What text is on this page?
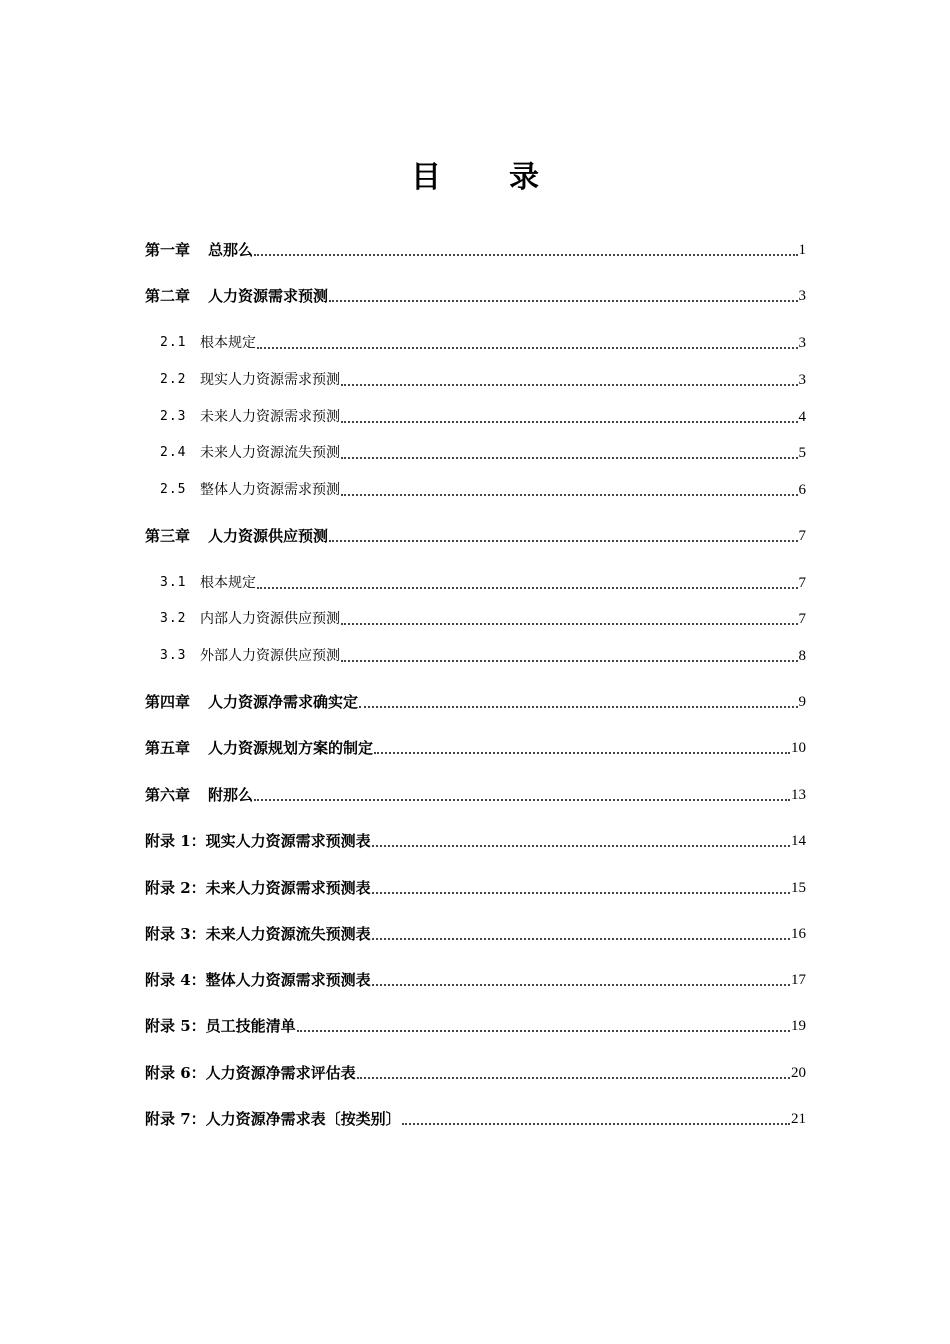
目录
第一章 总那么	1
第二章 人力资源需求预测	3
2.1 根本规定	3
2.2 现实人力资源需求预测	3
2.3 未来人力资源需求预测	4
2.4 未来人力资源流失预测	5
2.5 整体人力资源需求预测	6
第三章 人力资源供应预测	7
3.1 根本规定	7
3.2 内部人力资源供应预测	7
3.3 外部人力资源供应预测	8
第四章 人力资源净需求确实定	9
第五章 人力资源规划方案的制定	10
第六章 附那么	13
附录 1：现实人力资源需求预测表	14
附录 2：未来人力资源需求预测表	15
附录 3：未来人力资源流失预测表	16
附录 4：整体人力资源需求预测表	17
附录 5：员工技能清单	19
附录 6：人力资源净需求评估表	20
附录 7：人力资源净需求表〔按类别〕	21
